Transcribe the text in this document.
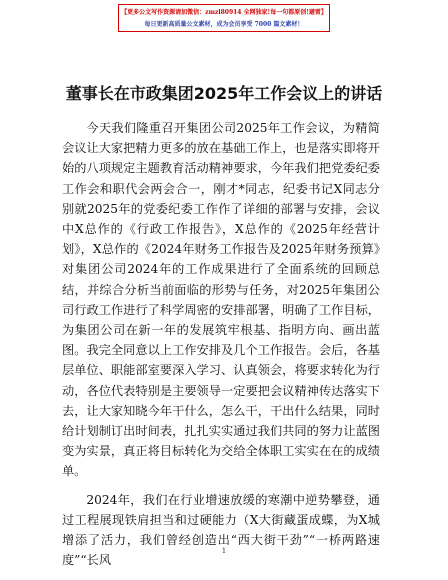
【更多公文写作资源请加微信：zmzl80914 全网独家!每一句都原创!避雷】
每日更新高质量公文素材，成为会员享受 7000 篇文素材！
董事长在市政集团2025年工作会议上的讲话

今天我们隆重召开集团公司2025年工作会议，为精简会议让大家把精力更多的放在基础工作上，也是落实即将开始的八项规定主题教育活动精神要求，今年我们把党委纪委工作会和职代会两会合一，刚才*同志，纪委书记X同志分别就2025年的党委纪委工作作了详细的部署与安排，会议中X总作的《行政工作报告》，X总作的《2025年经营计划》，X总作的《2024年财务工作报告及2025年财务预算》对集团公司2024年的工作成果进行了全面系统的回顾总结，并综合分析当前面临的形势与任务，对2025年集团公司行政工作进行了科学周密的安排部署，明确了工作目标，为集团公司在新一年的发展筑牢根基、指明方向、画出蓝图。我完全同意以上工作安排及几个工作报告。会后，各基层单位、职能部室要深入学习、认真领会，将要求转化为行动，各位代表特别是主要领导一定要把会议精神传达落实下去，让大家知晓今年干什么，怎么干，干出什么结果，同时给计划制订出时间表，扎扎实实通过我们共同的努力让蓝图变为实景，真正将目标转化为交给全体职工实实在在的成绩单。

2024年，我们在行业增速放缓的寒潮中逆势攀登，通过工程展现铁肩担当和过硬能力（X大街藏蛋成蝶，为X城增添了活力，我们曾经创造出“西大街干劲”“一桥两路速度”“长风

1
